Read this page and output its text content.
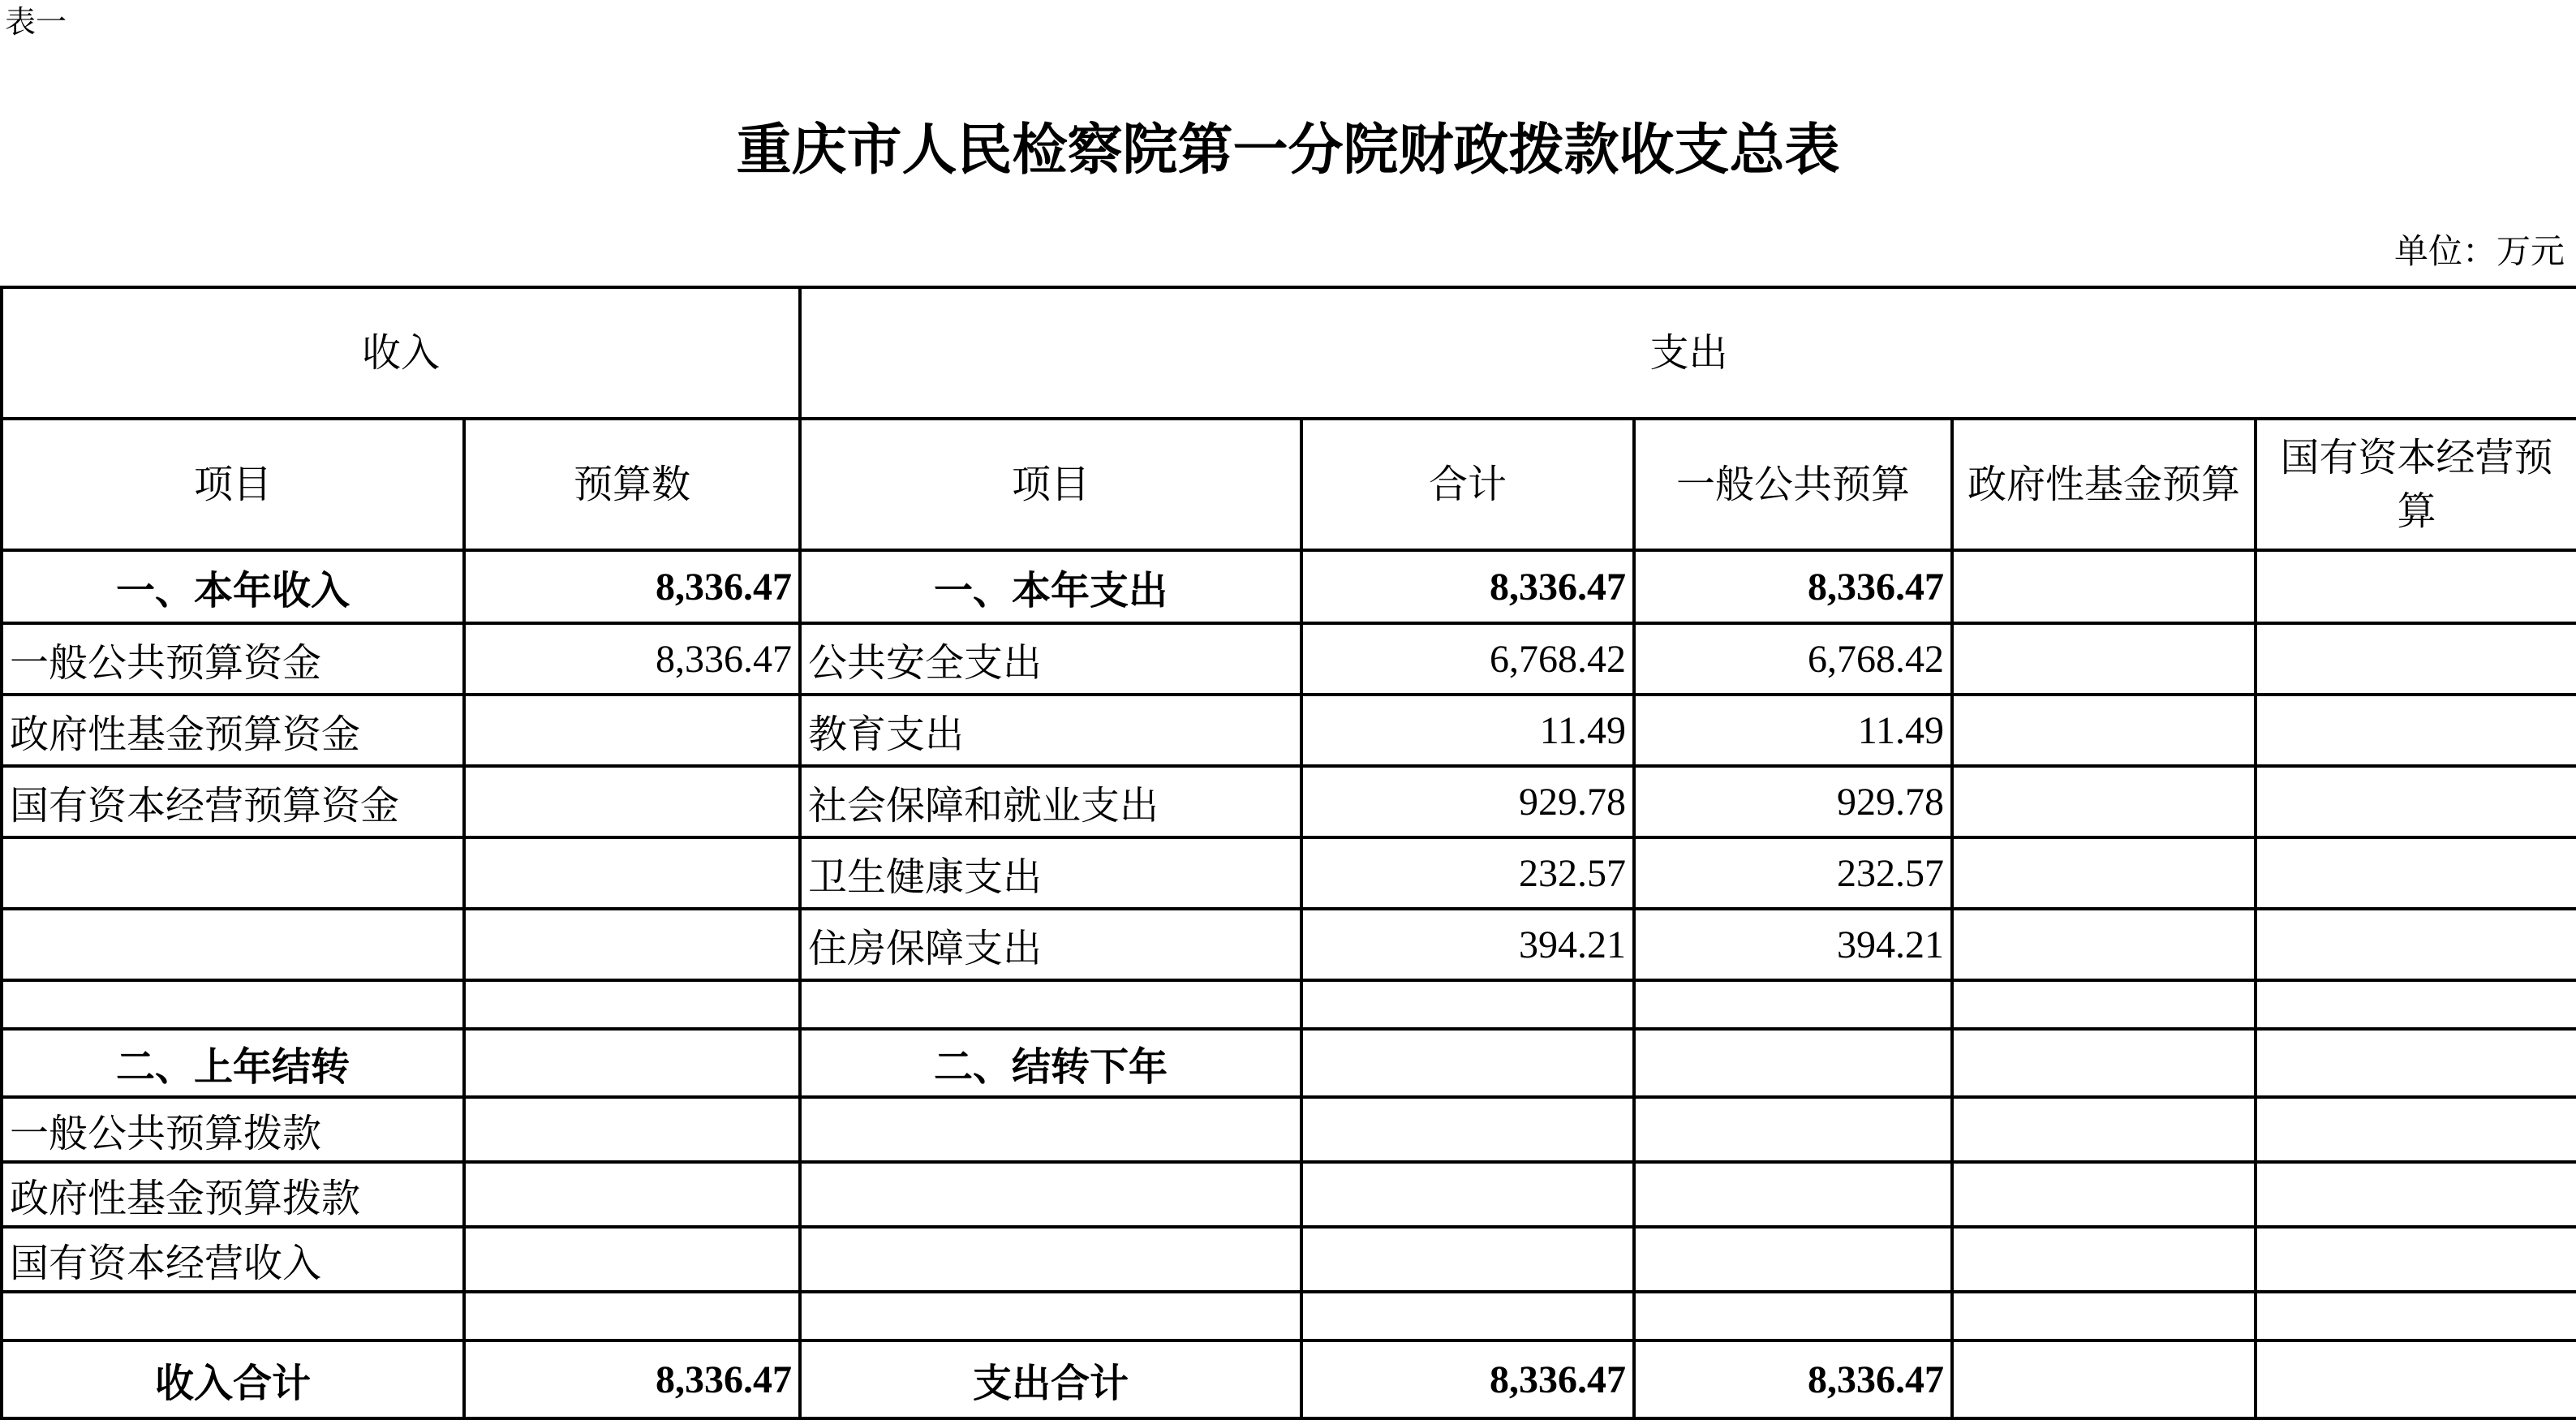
表一
重庆市人民检察院第一分院财政拨款收支总表
单位：万元
收入		支出				
项目	预算数	项目	合计	一般公共预算	政府性基金预算	国有资本经营预算
一、本年收入	8,336.47	一、本年支出	8,336.47	8,336.47		
一般公共预算资金	8,336.47	公共安全支出	6,768.42	6,768.42		
政府性基金预算资金		教育支出	11.49	11.49		
国有资本经营预算资金		社会保障和就业支出	929.78	929.78		
		卫生健康支出	232.57	232.57		
		住房保障支出	394.21	394.21		

二、上年结转		二、结转下年				
一般公共预算拨款						
政府性基金预算拨款						
国有资本经营收入						

收入合计	8,336.47	支出合计	8,336.47	8,336.47		
